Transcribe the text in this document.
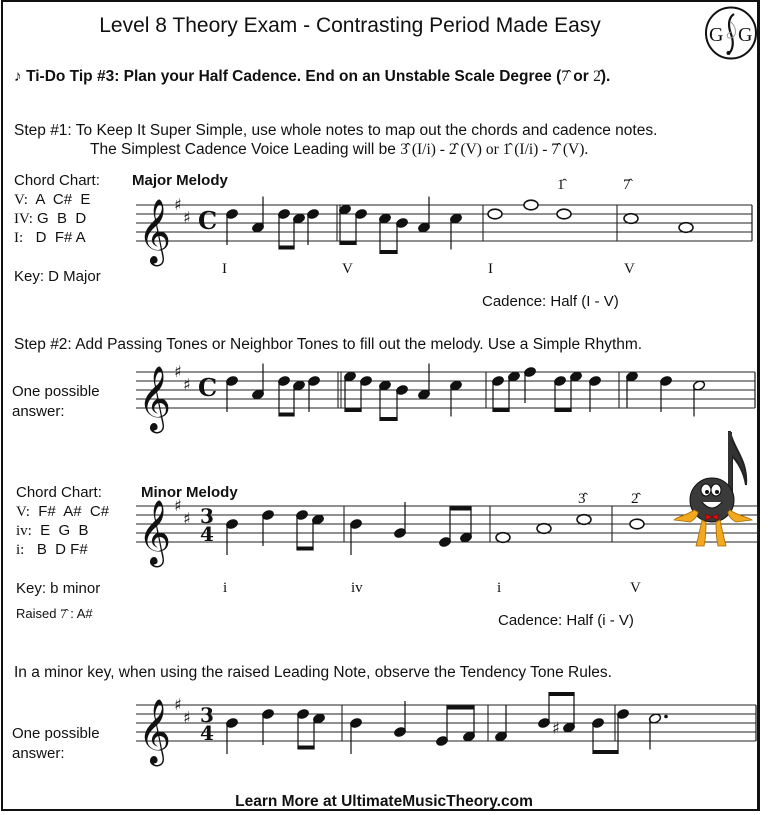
Level 8 Theory Exam - Contrasting Period Made Easy	G G
♪ Ti-Do Tip #3: Plan your Half Cadence. End on an Unstable Scale Degree (7̂ or 2̂).
Step #1: To Keep It Super Simple, use whole notes to map out the chords and cadence notes.
The Simplest Cadence Voice Leading will be 3̂ (I/i) - 2̂ (V) or 1̂ (I/i) - 7̂ (V).
Chord Chart:
V:  A  C#  E
IV: G  B  D
I:   D  F# A
Key: D Major
Major Melody
Cadence: Half (I - V)
I	V	I	V
1̂	7̂
Step #2: Add Passing Tones or Neighbor Tones to fill out the melody. Use a Simple Rhythm.
One possible
answer:
Chord Chart:
V:  F#  A#  C#
iv:  E  G  B
i:   B  D F#
Key: b minor
Raised 7̂ : A#
Minor Melody
Cadence: Half (i - V)
i	iv	i	V
3̂	2̂
In a minor key, when using the raised Leading Note, observe the Tendency Tone Rules.
One possible
answer:
𝄞 ♯
♯ C
𝄞 ♯
♯ C
𝄞 ♯
♯ 3
4
𝄞 ♯
♯ 3
4	♯
Learn More at UltimateMusicTheory.com
